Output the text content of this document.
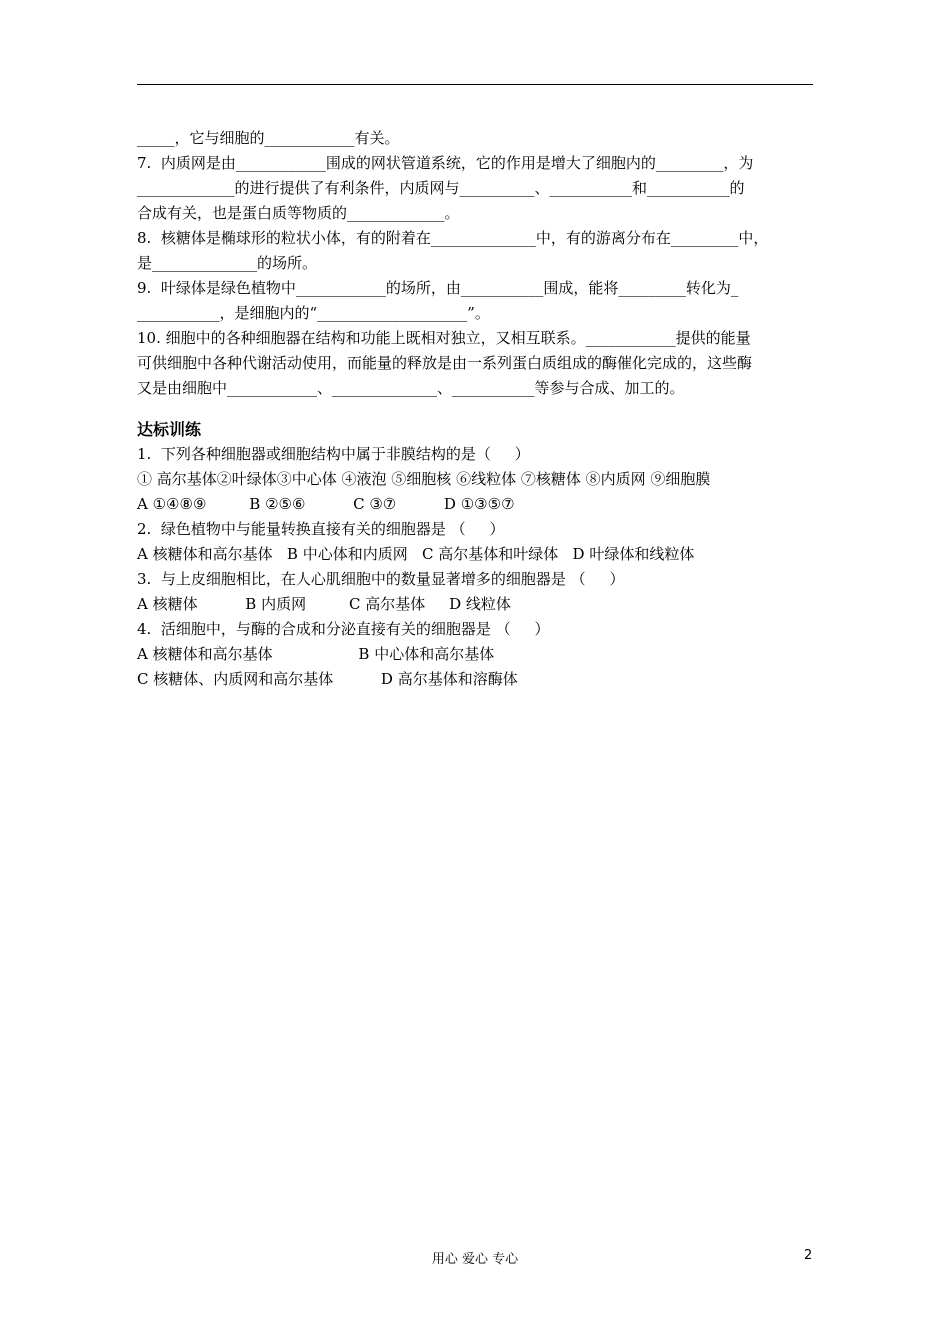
_____，它与细胞的____________有关。
7.  内质网是由____________围成的网状管道系统，它的作用是增大了细胞内的_________，为
_____________的进行提供了有利条件，内质网与__________、___________和___________的
合成有关，也是蛋白质等物质的_____________。
8.  核糖体是椭球形的粒状小体，有的附着在______________中，有的游离分布在_________中，
是______________的场所。
9.  叶绿体是绿色植物中____________的场所，由___________围成，能将_________转化为_
___________，是细胞内的“____________________”。
10. 细胞中的各种细胞器在结构和功能上既相对独立，又相互联系。____________提供的能量
可供细胞中各种代谢活动使用，而能量的释放是由一系列蛋白质组成的酶催化完成的，这些酶
又是由细胞中____________、______________、___________等参与合成、加工的。
达标训练
1.  下列各种细胞器或细胞结构中属于非膜结构的是（     ）
① 高尔基体②叶绿体③中心体 ④液泡 ⑤细胞核 ⑥线粒体 ⑦核糖体 ⑧内质网 ⑨细胞膜
A ①④⑧⑨         B ②⑤⑥          C ③⑦          D ①③⑤⑦
2.  绿色植物中与能量转换直接有关的细胞器是 （     ）
A 核糖体和高尔基体   B 中心体和内质网   C 高尔基体和叶绿体   D 叶绿体和线粒体
3.  与上皮细胞相比，在人心肌细胞中的数量显著增多的细胞器是 （     ）
A 核糖体          B 内质网         C 高尔基体     D 线粒体
4.  活细胞中，与酶的合成和分泌直接有关的细胞器是 （     ）
A 核糖体和高尔基体                  B 中心体和高尔基体
C 核糖体、内质网和高尔基体          D 高尔基体和溶酶体
用心 爱心 专心	2
